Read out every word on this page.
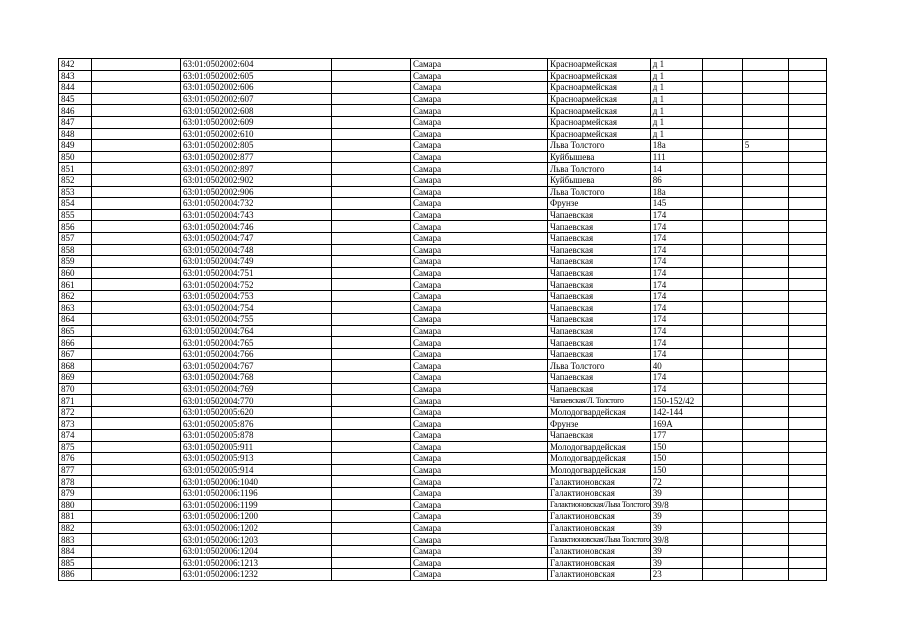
842		63:01:0502002:604		Самара	Красноармейская	д 1			
843		63:01:0502002:605		Самара	Красноармейская	д 1			
844		63:01:0502002:606		Самара	Красноармейская	д 1			
845		63:01:0502002:607		Самара	Красноармейская	д 1			
846		63:01:0502002:608		Самара	Красноармейская	д 1			
847		63:01:0502002:609		Самара	Красноармейская	д 1			
848		63:01:0502002:610		Самара	Красноармейская	д 1			
849		63:01:0502002:805		Самара	Льва Толстого	18а		5	
850		63:01:0502002:877		Самара	Куйбышева	111			
851		63:01:0502002:897		Самара	Льва Толстого	14			
852		63:01:0502002:902		Самара	Куйбышева	86			
853		63:01:0502002:906		Самара	Льва Толстого	18а			
854		63:01:0502004:732		Самара	Фрунзе	145			
855		63:01:0502004:743		Самара	Чапаевская	174			
856		63:01:0502004:746		Самара	Чапаевская	174			
857		63:01:0502004:747		Самара	Чапаевская	174			
858		63:01:0502004:748		Самара	Чапаевская	174			
859		63:01:0502004:749		Самара	Чапаевская	174			
860		63:01:0502004:751		Самара	Чапаевская	174			
861		63:01:0502004:752		Самара	Чапаевская	174			
862		63:01:0502004:753		Самара	Чапаевская	174			
863		63:01:0502004:754		Самара	Чапаевская	174			
864		63:01:0502004:755		Самара	Чапаевская	174			
865		63:01:0502004:764		Самара	Чапаевская	174			
866		63:01:0502004:765		Самара	Чапаевская	174			
867		63:01:0502004:766		Самара	Чапаевская	174			
868		63:01:0502004:767		Самара	Льва Толстого	40			
869		63:01:0502004:768		Самара	Чапаевская	174			
870		63:01:0502004:769		Самара	Чапаевская	174			
871		63:01:0502004:770		Самара	Чапаевская/Л. Толстого	150-152/42			
872		63:01:0502005:620		Самара	Молодогвардейская	142-144			
873		63:01:0502005:876		Самара	Фрунзе	169А			
874		63:01:0502005:878		Самара	Чапаевская	177			
875		63:01:0502005:911		Самара	Молодогвардейская	150			
876		63:01:0502005:913		Самара	Молодогвардейская	150			
877		63:01:0502005:914		Самара	Молодогвардейская	150			
878		63:01:0502006:1040		Самара	Галактионовская	72			
879		63:01:0502006:1196		Самара	Галактионовская	39			
880		63:01:0502006:1199		Самара	Галактионовская/Льва Толстого	39/8			
881		63:01:0502006:1200		Самара	Галактионовская	39			
882		63:01:0502006:1202		Самара	Галактионовская	39			
883		63:01:0502006:1203		Самара	Галактионовская/Льва Толстого	39/8			
884		63:01:0502006:1204		Самара	Галактионовская	39			
885		63:01:0502006:1213		Самара	Галактионовская	39			
886		63:01:0502006:1232		Самара	Галактионовская	23			
